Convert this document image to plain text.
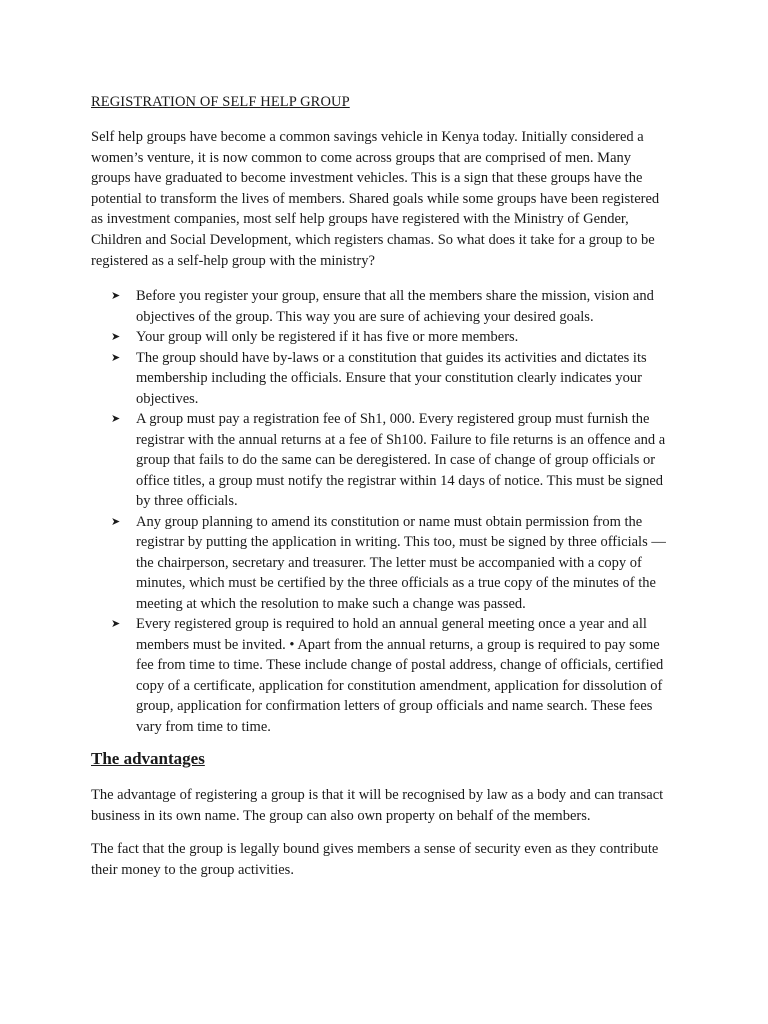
REGISTRATION OF SELF HELP GROUP

Self help groups have become a common savings vehicle in Kenya today. Initially considered a women’s venture, it is now common to come across groups that are comprised of men. Many groups have graduated to become investment vehicles. This is a sign that these groups have the potential to transform the lives of members. Shared goals while some groups have been registered as investment companies, most self help groups have registered with the Ministry of Gender, Children and Social Development, which registers chamas. So what does it take for a group to be registered as a self-help group with the ministry?

➤ Before you register your group, ensure that all the members share the mission, vision and objectives of the group. This way you are sure of achieving your desired goals.
➤ Your group will only be registered if it has five or more members.
➤ The group should have by-laws or a constitution that guides its activities and dictates its membership including the officials. Ensure that your constitution clearly indicates your objectives.
➤ A group must pay a registration fee of Sh1, 000. Every registered group must furnish the registrar with the annual returns at a fee of Sh100. Failure to file returns is an offence and a group that fails to do the same can be deregistered. In case of change of group officials or office titles, a group must notify the registrar within 14 days of notice. This must be signed by three officials.
➤ Any group planning to amend its constitution or name must obtain permission from the registrar by putting the application in writing. This too, must be signed by three officials — the chairperson, secretary and treasurer. The letter must be accompanied with a copy of minutes, which must be certified by the three officials as a true copy of the minutes of the meeting at which the resolution to make such a change was passed.
➤ Every registered group is required to hold an annual general meeting once a year and all members must be invited. • Apart from the annual returns, a group is required to pay some fee from time to time. These include change of postal address, change of officials, certified copy of a certificate, application for constitution amendment, application for dissolution of group, application for confirmation letters of group officials and name search. These fees vary from time to time.
The advantages

The advantage of registering a group is that it will be recognised by law as a body and can transact business in its own name. The group can also own property on behalf of the members.

The fact that the group is legally bound gives members a sense of security even as they contribute their money to the group activities.
